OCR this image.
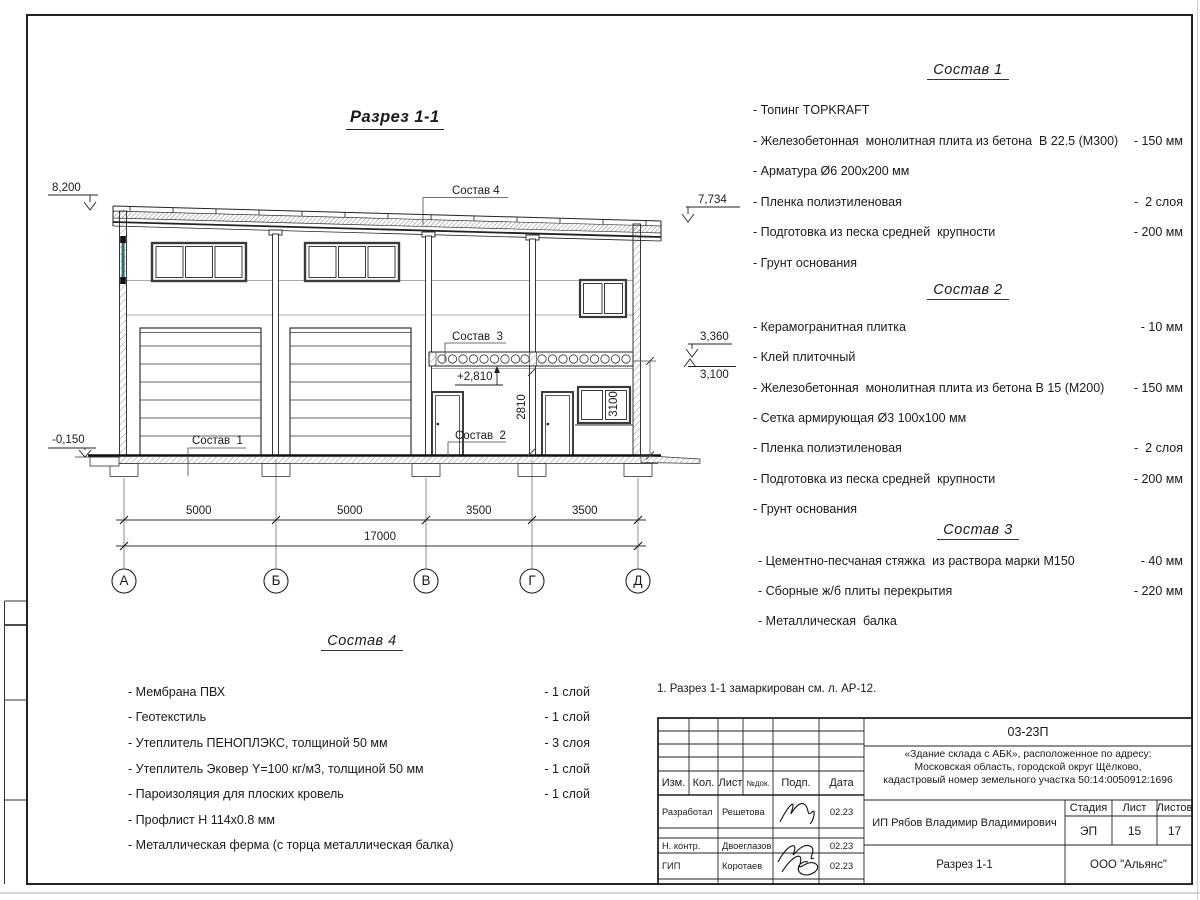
Разрез 1-1
Состав 4
Состав  3
Состав  2
Состав  1
8,200
7,734
3,360
3,100
-0,150
+2,810
2810	3100
5000	5000	3500	3500
17000
А	Б	В	Г	Д
Состав 1
- Топинг TOPKRAFT
- Железобетонная  монолитная плита из бетона  В 22.5 (М300) - 150 мм
- Арматура Ø6 200х200 мм
- Пленка полиэтиленовая	-  2 слоя
- Подготовка из песка средней  крупности	- 200 мм
- Грунт основания
Состав 2
- Керамогранитная плитка	- 10 мм
- Клей плиточный
- Железобетонная  монолитная плита из бетона В 15 (М200) - 150 мм
- Сетка армирующая Ø3 100х100 мм
- Пленка полиэтиленовая	-  2 слоя
- Подготовка из песка средней  крупности	- 200 мм
- Грунт основания
Состав 3
- Цементно-песчаная стяжка  из раствора марки М150	- 40 мм
- Сборные ж/б плиты перекрытия	- 220 мм
- Металлическая  балка
Состав 4
- Мембрана ПВХ	- 1 слой
- Геотекстиль	- 1 слой
- Утеплитель ПЕНОПЛЭКС, толщиной 50 мм	- 3 слоя
- Утеплитель Эковер Y=100 кг/м3, толщиной 50 мм	- 1 слой
- Пароизоляция для плоских кровель	- 1 слой
- Профлист Н 114х0.8 мм
- Металлическая ферма (с торца металлическая балка)
1. Разрез 1-1 замаркирован см. л. АР-12.
03-23П
«Здание склада с АБК», расположенное по адресу:
Московская область, городской округ Щёлково,
кадастровый номер земельного участка 50:14:0050912:1696
ИП Рябов Владимир Владимирович
Стадия	Лист Листов
ЭП	15	17
Разрез 1-1	ООО "Альянс"
Изм. Кол. Лист №док.	Подп.	Дата
Разработал	Решетова	02.23
Н. контр.	Двоеглазов	02.23
ГИП	Коротаев	02.23
